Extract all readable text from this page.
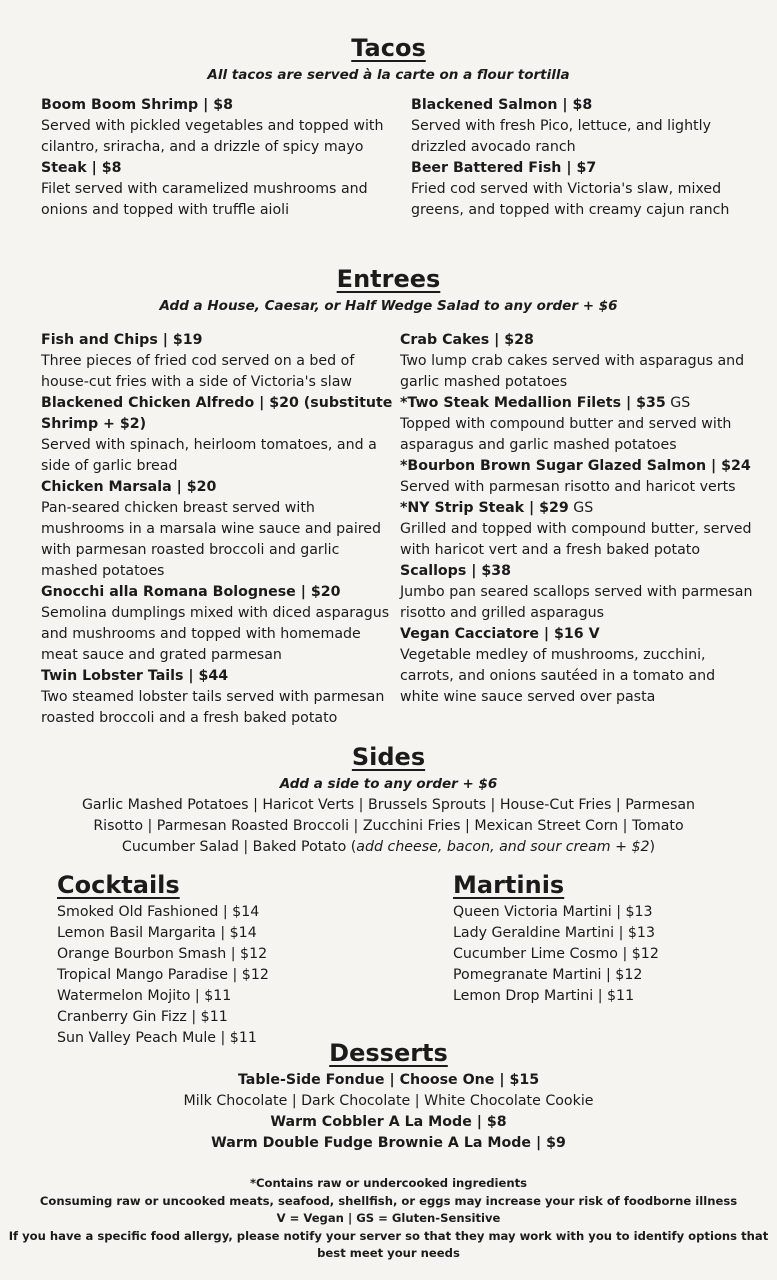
Tacos

All tacos are served à la carte on a flour tortilla

Boom Boom Shrimp | $8
Served with pickled vegetables and topped with cilantro, sriracha, and a drizzle of spicy mayo
Steak | $8
Filet served with caramelized mushrooms and onions and topped with truffle aioli
Blackened Salmon | $8
Served with fresh Pico, lettuce, and lightly drizzled avocado ranch
Beer Battered Fish | $7
Fried cod served with Victoria's slaw, mixed greens, and topped with creamy cajun ranch
Entrees

Add a House, Caesar, or Half Wedge Salad to any order + $6

Fish and Chips | $19
Three pieces of fried cod served on a bed of house-cut fries with a side of Victoria's slaw
Blackened Chicken Alfredo | $20 (substitute Shrimp + $2)
Served with spinach, heirloom tomatoes, and a side of garlic bread
Chicken Marsala | $20
Pan-seared chicken breast served with mushrooms in a marsala wine sauce and paired with parmesan roasted broccoli and garlic mashed potatoes
Gnocchi alla Romana Bolognese | $20
Semolina dumplings mixed with diced asparagus and mushrooms and topped with homemade meat sauce and grated parmesan
Twin Lobster Tails | $44
Two steamed lobster tails served with parmesan roasted broccoli and a fresh baked potato
Crab Cakes | $28
Two lump crab cakes served with asparagus and garlic mashed potatoes
*Two Steak Medallion Filets | $35 GS
Topped with compound butter and served with asparagus and garlic mashed potatoes
*Bourbon Brown Sugar Glazed Salmon | $24
Served with parmesan risotto and haricot verts
*NY Strip Steak | $29 GS
Grilled and topped with compound butter, served with haricot vert and a fresh baked potato
Scallops | $38
Jumbo pan seared scallops served with parmesan risotto and grilled asparagus
Vegan Cacciatore | $16 V
Vegetable medley of mushrooms, zucchini, carrots, and onions sautéed in a tomato and white wine sauce served over pasta
Sides

Add a side to any order + $6

Garlic Mashed Potatoes | Haricot Verts | Brussels Sprouts | House-Cut Fries | Parmesan
Risotto | Parmesan Roasted Broccoli | Zucchini Fries | Mexican Street Corn | Tomato
Cucumber Salad | Baked Potato (add cheese, bacon, and sour cream + $2)
Cocktails
Smoked Old Fashioned | $14
Lemon Basil Margarita | $14
Orange Bourbon Smash | $12
Tropical Mango Paradise | $12
Watermelon Mojito | $11
Cranberry Gin Fizz | $11
Sun Valley Peach Mule | $11
Martinis
Queen Victoria Martini | $13
Lady Geraldine Martini | $13
Cucumber Lime Cosmo | $12
Pomegranate Martini | $12
Lemon Drop Martini | $11
Desserts
Table-Side Fondue | Choose One | $15
Milk Chocolate | Dark Chocolate | White Chocolate Cookie
Warm Cobbler A La Mode | $8
Warm Double Fudge Brownie A La Mode | $9
*Contains raw or undercooked ingredients
Consuming raw or uncooked meats, seafood, shellfish, or eggs may increase your risk of foodborne illness
V = Vegan | GS = Gluten-Sensitive
If you have a specific food allergy, please notify your server so that they may work with you to identify options that
best meet your needs
